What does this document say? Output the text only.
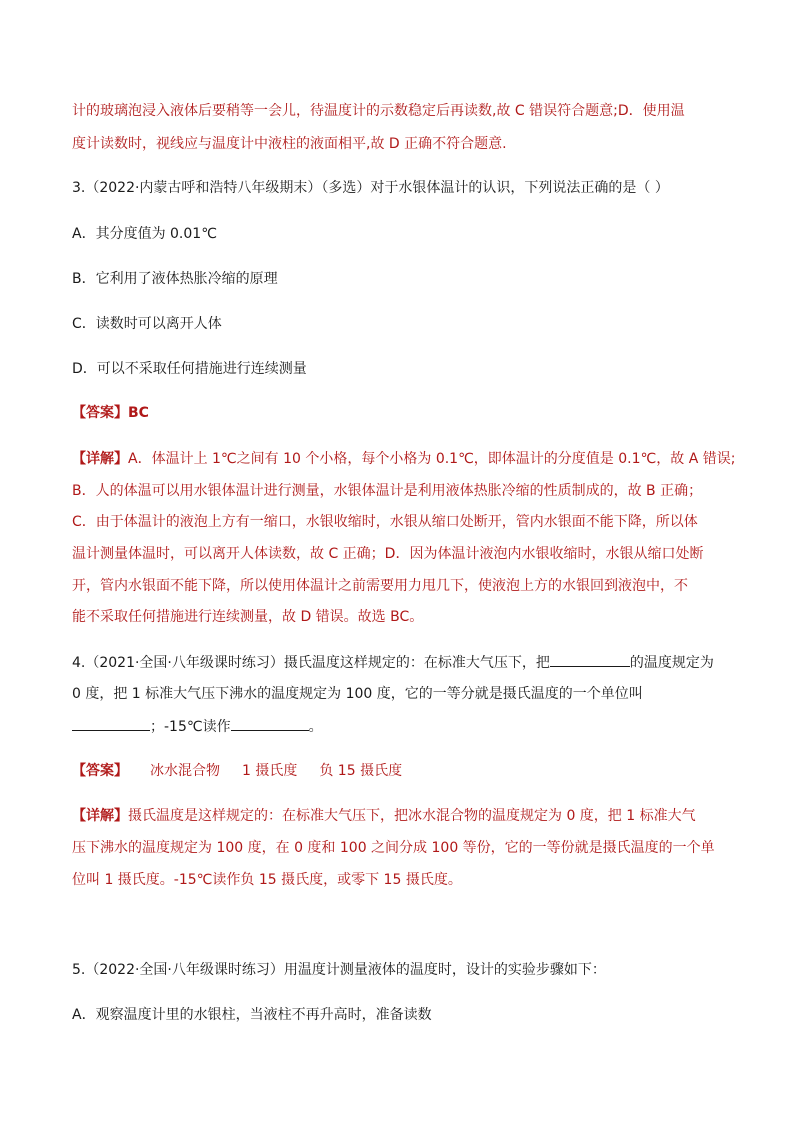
计的玻璃泡浸入液体后要稍等一会儿，待温度计的示数稳定后再读数,故 C 错误符合题意;D．使用温
度计读数时，视线应与温度计中液柱的液面相平,故 D 正确不符合题意.
3.（2022·内蒙古呼和浩特八年级期末）（多选）对于水银体温计的认识，下列说法正确的是（ ）
A．其分度值为 0.01℃
B．它利用了液体热胀冷缩的原理
C．读数时可以离开人体
D．可以不采取任何措施进行连续测量
【答案】BC
【详解】A．体温计上 1℃之间有 10 个小格，每个小格为 0.1℃，即体温计的分度值是 0.1℃，故 A 错误;
B．人的体温可以用水银体温计进行测量，水银体温计是利用液体热胀冷缩的性质制成的，故 B 正确；
C．由于体温计的液泡上方有一缩口，水银收缩时，水银从缩口处断开，管内水银面不能下降，所以体
温计测量体温时，可以离开人体读数，故 C 正确；D．因为体温计液泡内水银收缩时，水银从缩口处断
开，管内水银面不能下降，所以使用体温计之前需要用力甩几下，使液泡上方的水银回到液泡中，不
能不采取任何措施进行连续测量，故 D 错误。故选 BC。
4.（2021·全国·八年级课时练习）摄氏温度这样规定的：在标准大气压下，把	的温度规定为
0 度，把 1 标准大气压下沸水的温度规定为 100 度，它的一等分就是摄氏温度的一个单位叫
；-15℃读作	。
【答案】 冰水混合物 1 摄氏度 负 15 摄氏度
【详解】摄氏温度是这样规定的：在标准大气压下，把冰水混合物的温度规定为 0 度，把 1 标准大气
压下沸水的温度规定为 100 度，在 0 度和 100 之间分成 100 等份，它的一等份就是摄氏温度的一个单
位叫 1 摄氏度。-15℃读作负 15 摄氏度，或零下 15 摄氏度。
5.（2022·全国·八年级课时练习）用温度计测量液体的温度时，设计的实验步骤如下：
A．观察温度计里的水银柱，当液柱不再升高时，准备读数
